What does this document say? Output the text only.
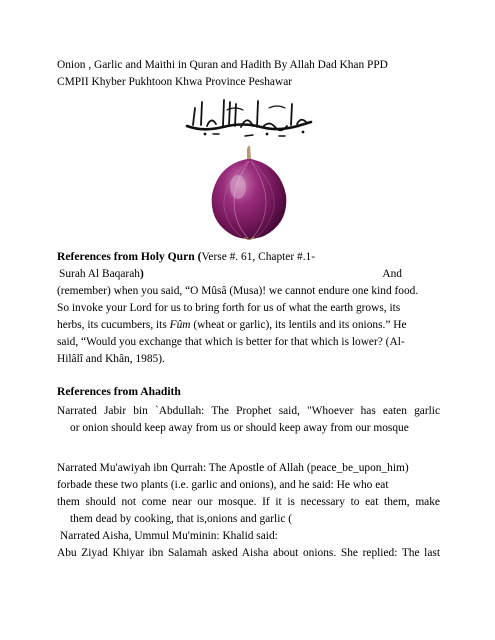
Onion , Garlic and Maithi in Quran and Hadith By Allah Dad Khan PPD

CMPII Khyber Pukhtoon Khwa Province Peshawar

References from Holy Qurn (Verse #. 61, Chapter #.1-

Surah Al Baqarah)	And

(remember) when you said, “O Mûsâ (Musa)! we cannot endure one kind food.

So invoke your Lord for us to bring forth for us of what the earth grows, its

herbs, its cucumbers, its Fûm (wheat or garlic), its lentils and its onions.” He

said, “Would you exchange that which is better for that which is lower? (Al-

Hilâlî and Khân, 1985).

References from Ahadith

Narrated Jabir bin `Abdullah: The Prophet said, "Whoever has eaten garlic

or onion should keep away from us or should keep away from our mosque

Narrated Mu'awiyah ibn Qurrah: The Apostle of Allah (peace_be_upon_him)

forbade these two plants (i.e. garlic and onions), and he said: He who eat

them should not come near our mosque. If it is necessary to eat them, make

them dead by cooking, that is,onions and garlic (

Narrated Aisha, Ummul Mu'minin: Khalid said:

Abu Ziyad Khiyar ibn Salamah asked Aisha about onions. She replied: The last
